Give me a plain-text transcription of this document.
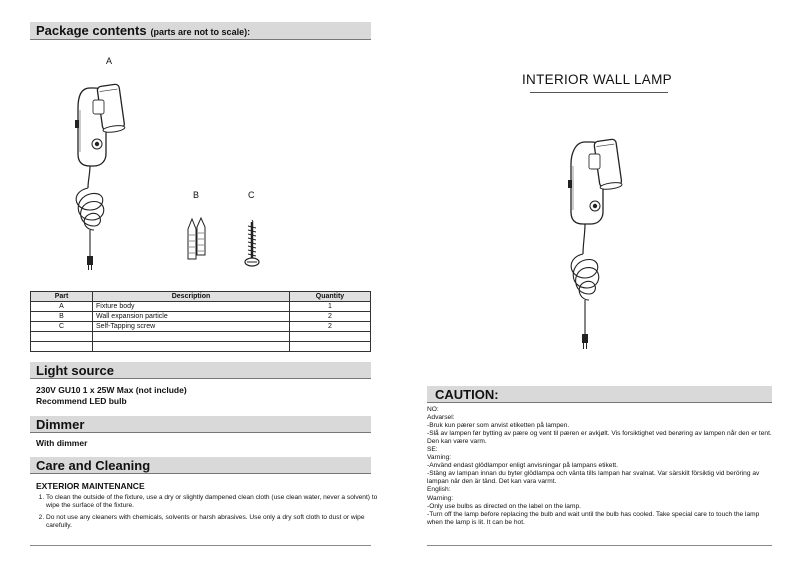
Package contents (parts are not to scale):
A
B	C
Part	Description	Quantity
A	Fixture body	1
B	Wall expansion particle	2
C	Self-Tapping screw	2

Light source
230V GU10 1 x 25W Max (not include)
Recommend LED bulb
Dimmer
With dimmer
Care and Cleaning
EXTERIOR MAINTENANCE
1. To clean the outside of the fixture, use a dry or slightly dampened clean cloth (use clean water, never a solvent) to wipe the surface of the fixture.
2. Do not use any cleaners with chemicals, solvents or harsh abrasives. Use only a dry soft cloth to dust or wipe carefully.
INTERIOR WALL LAMP
CAUTION:
NO:
Advarsel:
-Bruk kun pærer som anvist etiketten på lampen.
-Slå av lampen før bytting av pære og vent til pæren er avkjølt. Vis forsiktighet ved berøring av lampen når den er tent. Den kan være varm.
SE:
Varning:
-Använd endast glödlampor enligt anvisningar på lampans etikett.
-Stäng av lampan innan du byter glödlampa och vänta tills lampan har svalnat. Var särskilt försiktig vid beröring av lampan när den är tänd. Det kan vara varmt.
English:
Warning:
-Only use bulbs as directed on the label on the lamp.
-Turn off the lamp before replacing the bulb and wait until the bulb has cooled. Take special care to touch the lamp when the lamp is lit. It can be hot.
